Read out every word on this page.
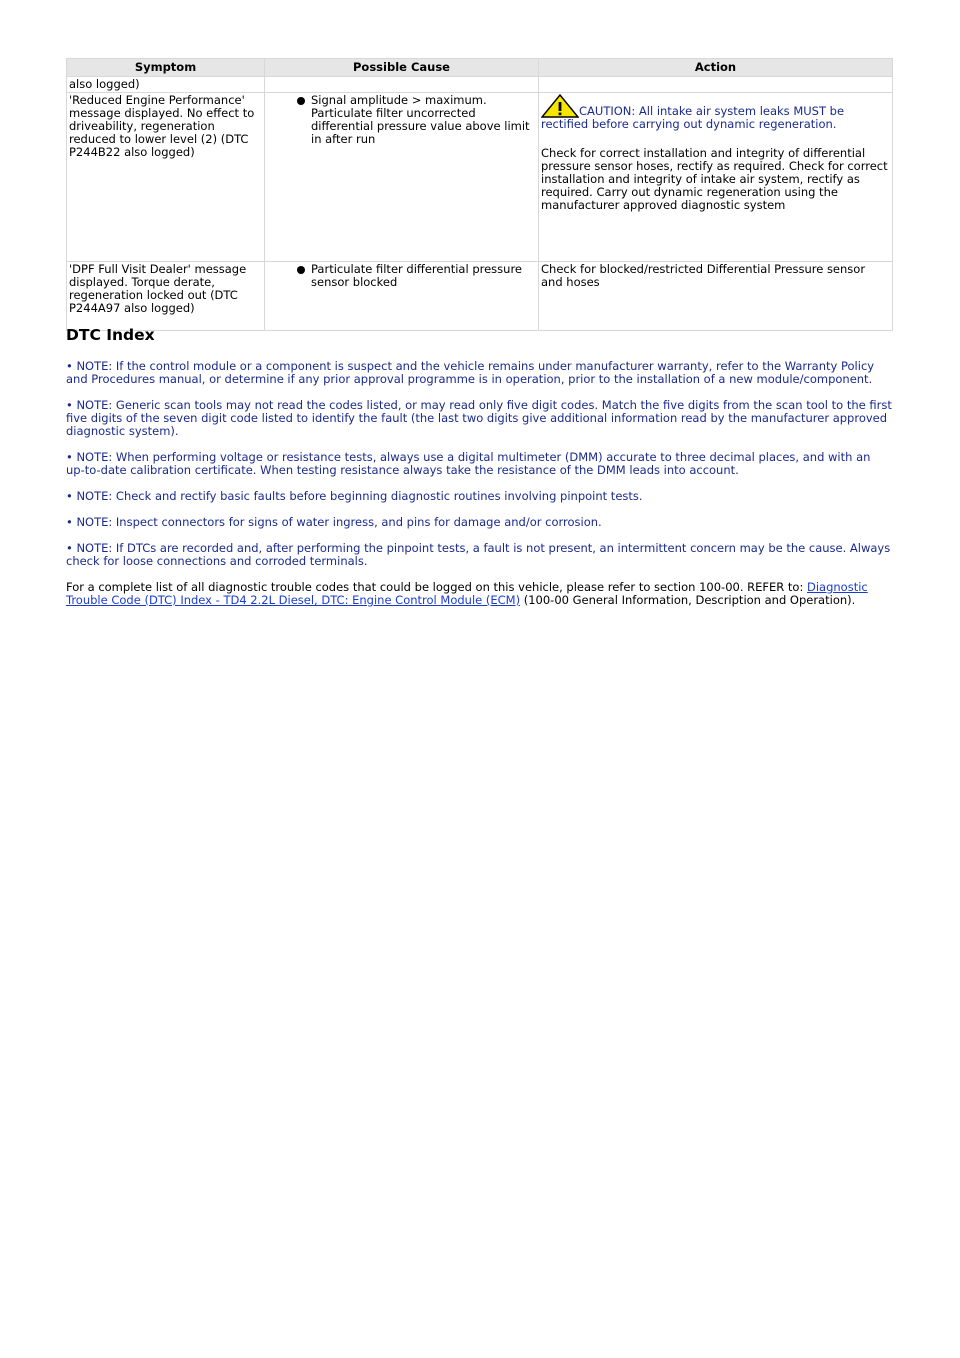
Symptom	Possible Cause	Action
also logged)		
'Reduced Engine Performance' message displayed. No effect to driveability, regeneration reduced to lower level (2) (DTC P244B22 also logged)	Signal amplitude > maximum. Particulate filter uncorrected differential pressure value above limit in after run	CAUTION: All intake air system leaks MUST be rectified before carrying out dynamic regeneration.
Check for correct installation and integrity of differential pressure sensor hoses, rectify as required. Check for correct installation and integrity of intake air system, rectify as required. Carry out dynamic regeneration using the manufacturer approved diagnostic system

'DPF Full Visit Dealer' message displayed. Torque derate, regeneration locked out (DTC P244A97 also logged)	Particulate filter differential pressure sensor blocked	Check for blocked/restricted Differential Pressure sensor and hoses
DTC Index

• NOTE: If the control module or a component is suspect and the vehicle remains under manufacturer warranty, refer to the Warranty Policy and Procedures manual, or determine if any prior approval programme is in operation, prior to the installation of a new module/component.

• NOTE: Generic scan tools may not read the codes listed, or may read only five digit codes. Match the five digits from the scan tool to the first five digits of the seven digit code listed to identify the fault (the last two digits give additional information read by the manufacturer approved diagnostic system).

• NOTE: When performing voltage or resistance tests, always use a digital multimeter (DMM) accurate to three decimal places, and with an up-to-date calibration certificate. When testing resistance always take the resistance of the DMM leads into account.

• NOTE: Check and rectify basic faults before beginning diagnostic routines involving pinpoint tests.

• NOTE: Inspect connectors for signs of water ingress, and pins for damage and/or corrosion.

• NOTE: If DTCs are recorded and, after performing the pinpoint tests, a fault is not present, an intermittent concern may be the cause. Always check for loose connections and corroded terminals.

For a complete list of all diagnostic trouble codes that could be logged on this vehicle, please refer to section 100-00. REFER to: Diagnostic Trouble Code (DTC) Index - TD4 2.2L Diesel, DTC: Engine Control Module (ECM) (100-00 General Information, Description and Operation).
